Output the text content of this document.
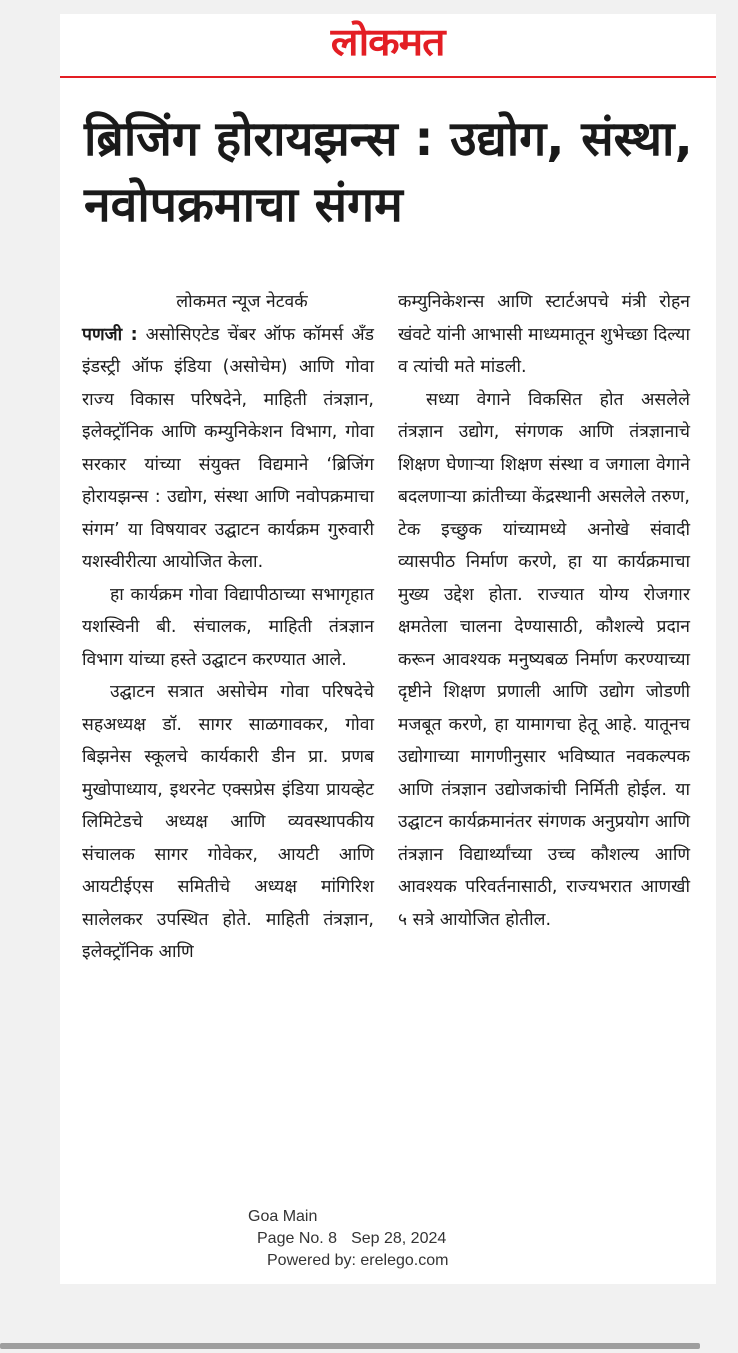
लोकमत
ब्रिजिंग होरायझन्स : उद्योग, संस्था, नवोपक्रमाचा संगम

लोकमत न्यूज नेटवर्क

पणजी : असोसिएटेड चेंबर ऑफ कॉमर्स अँड इंडस्ट्री ऑफ इंडिया (असोचेम) आणि गोवा राज्य विकास परिषदेने, माहिती तंत्रज्ञान, इलेक्ट्रॉनिक आणि कम्युनिकेशन विभाग, गोवा सरकार यांच्या संयुक्त विद्यमाने ‘ब्रिजिंग होरायझन्स : उद्योग, संस्था आणि नवोपक्रमाचा संगम’ या विषयावर उद्घाटन कार्यक्रम गुरुवारी यशस्वीरीत्या आयोजित केला.

हा कार्यक्रम गोवा विद्यापीठाच्या सभागृहात यशस्विनी बी. संचालक, माहिती तंत्रज्ञान विभाग यांच्या हस्ते उद्घाटन करण्यात आले.

उद्घाटन सत्रात असोचेम गोवा परिषदेचे सहअध्यक्ष डॉ. सागर साळगावकर, गोवा बिझनेस स्कूलचे कार्यकारी डीन प्रा. प्रणब मुखोपाध्याय, इथरनेट एक्सप्रेस इंडिया प्रायव्हेट लिमिटेडचे अध्यक्ष आणि व्यवस्थापकीय संचालक सागर गोवेकर, आयटी आणि आयटीईएस समितीचे अध्यक्ष मांगिरिश सालेलकर उपस्थित होते. माहिती तंत्रज्ञान, इलेक्ट्रॉनिक आणि

कम्युनिकेशन्स आणि स्टार्टअपचे मंत्री रोहन खंवटे यांनी आभासी माध्यमातून शुभेच्छा दिल्या व त्यांची मते मांडली.

सध्या वेगाने विकसित होत असलेले तंत्रज्ञान उद्योग, संगणक आणि तंत्रज्ञानाचे शिक्षण घेणाऱ्या शिक्षण संस्था व जगाला वेगाने बदलणाऱ्या क्रांतीच्या केंद्रस्थानी असलेले तरुण, टेक इच्छुक यांच्यामध्ये अनोखे संवादी व्यासपीठ निर्माण करणे, हा या कार्यक्रमाचा मुख्य उद्देश होता. राज्यात योग्य रोजगार क्षमतेला चालना देण्यासाठी, कौशल्ये प्रदान करून आवश्यक मनुष्यबळ निर्माण करण्याच्या दृष्टीने शिक्षण प्रणाली आणि उद्योग जोडणी मजबूत करणे, हा यामागचा हेतू आहे. यातूनच उद्योगाच्या मागणीनुसार भविष्यात नवकल्पक आणि तंत्रज्ञान उद्योजकांची निर्मिती होईल. या उद्घाटन कार्यक्रमानंतर संगणक अनुप्रयोग आणि तंत्रज्ञान विद्यार्थ्यांच्या उच्च कौशल्य आणि आवश्यक परिवर्तनासाठी, राज्यभरात आणखी ५ सत्रे आयोजित होतील.

Goa Main
Page No. 8 Sep 28, 2024
Powered by: erelego.com
